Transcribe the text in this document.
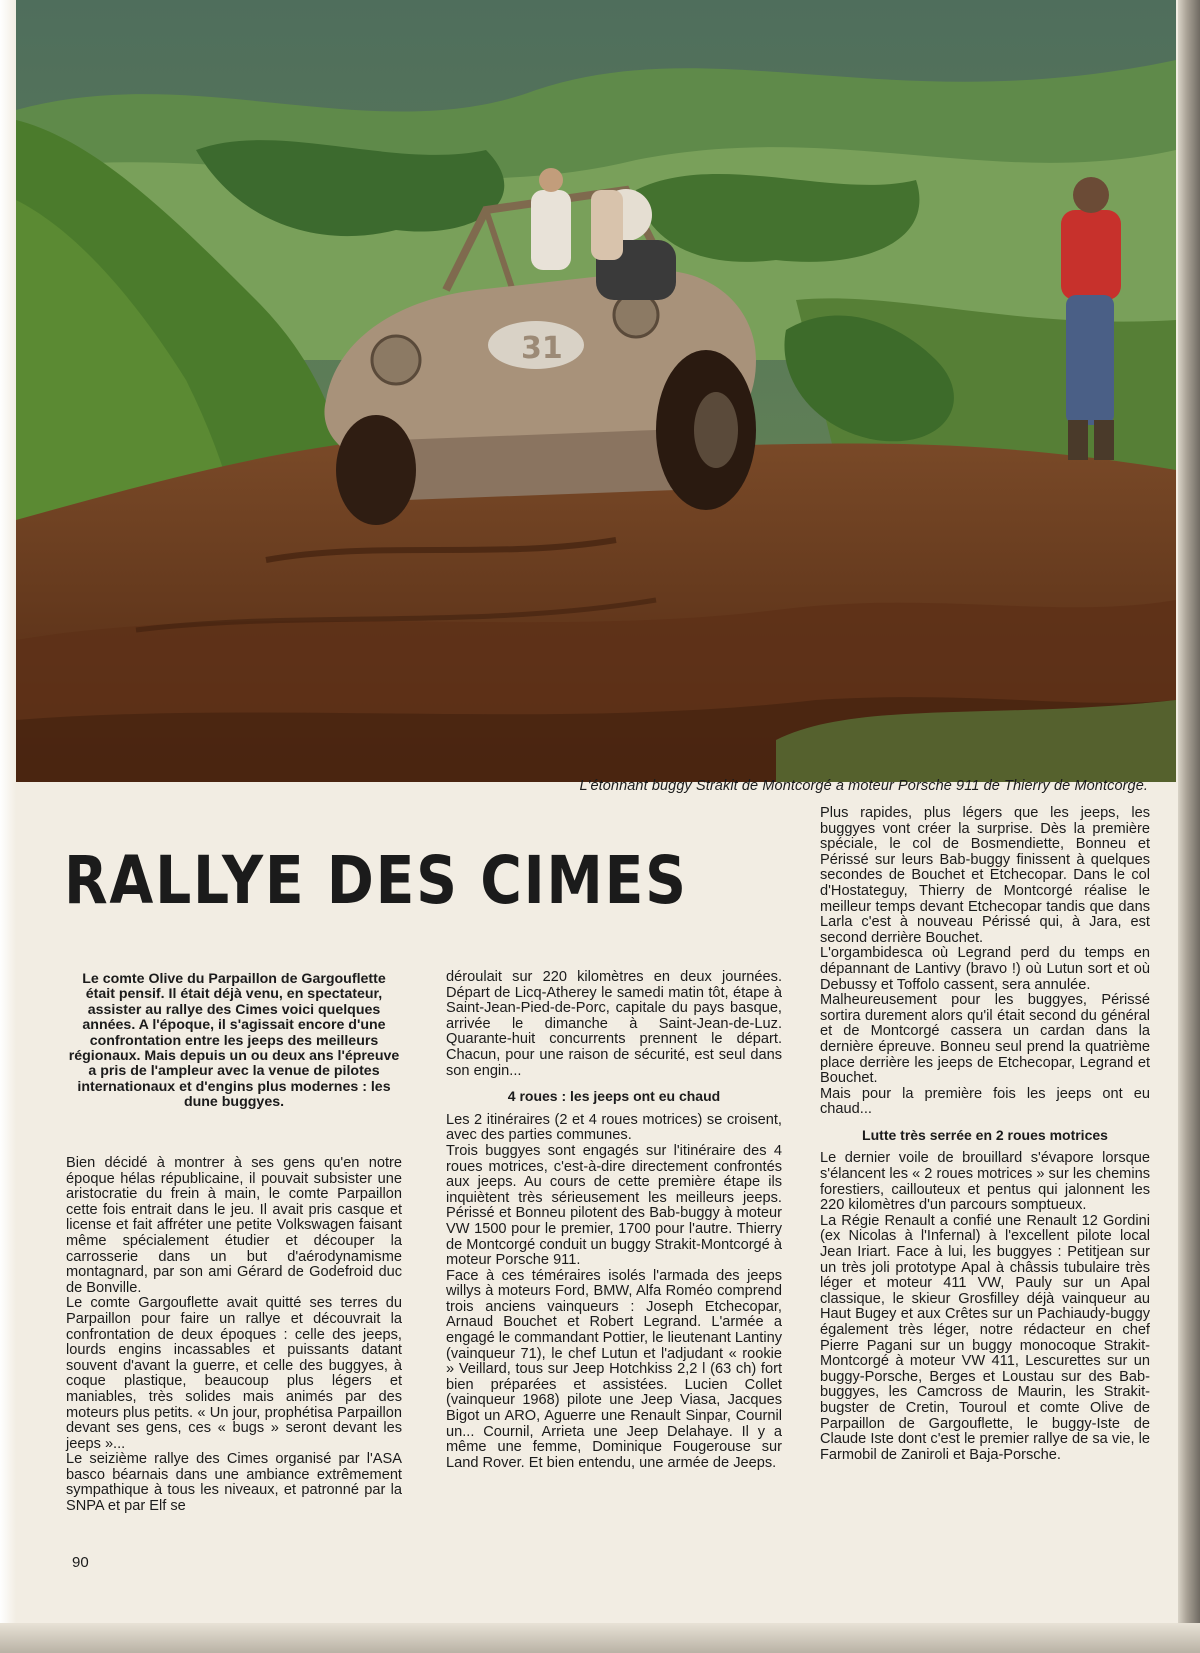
31
L'étonnant buggy Strakit de Montcorgé a moteur Porsche 911 de Thierry de Montcorge.
RALLYE DES CIMES
Le comte Olive du Parpaillon de Gargouflette était pensif. Il était déjà venu, en spectateur, assister au rallye des Cimes voici quelques années. A l'époque, il s'agissait encore d'une confrontation entre les jeeps des meilleurs régionaux. Mais depuis un ou deux ans l'épreuve a pris de l'ampleur avec la venue de pilotes internationaux et d'engins plus modernes : les dune buggyes.

Bien décidé à montrer à ses gens qu'en notre époque hélas républicaine, il pouvait subsister une aristocratie du frein à main, le comte Parpaillon cette fois entrait dans le jeu. Il avait pris casque et license et fait affréter une petite Volkswagen faisant même spécialement étudier et découper la carrosserie dans un but d'aérodynamisme montagnard, par son ami Gérard de Godefroid duc de Bonville.

Le comte Gargouflette avait quitté ses terres du Parpaillon pour faire un rallye et découvrait la confrontation de deux époques : celle des jeeps, lourds engins incassables et puissants datant souvent d'avant la guerre, et celle des buggyes, à coque plastique, beaucoup plus légers et maniables, très solides mais animés par des moteurs plus petits. « Un jour, prophétisa Parpaillon devant ses gens, ces « bugs » seront devant les jeeps »...

Le seizième rallye des Cimes organisé par l'ASA basco béarnais dans une ambiance extrêmement sympathique à tous les niveaux, et patronné par la SNPA et par Elf se

déroulait sur 220 kilomètres en deux journées. Départ de Licq-Atherey le samedi matin tôt, étape à Saint-Jean-Pied-de-Porc, capitale du pays basque, arrivée le dimanche à Saint-Jean-de-Luz. Quarante-huit concurrents prennent le départ. Chacun, pour une raison de sécurité, est seul dans son engin...

4 roues : les jeeps ont eu chaud

Les 2 itinéraires (2 et 4 roues motrices) se croisent, avec des parties communes.

Trois buggyes sont engagés sur l'itinéraire des 4 roues motrices, c'est-à-dire directement confrontés aux jeeps. Au cours de cette première étape ils inquiètent très sérieusement les meilleurs jeeps. Périssé et Bonneu pilotent des Bab-buggy à moteur VW 1500 pour le premier, 1700 pour l'autre. Thierry de Montcorgé conduit un buggy Strakit-Montcorgé à moteur Porsche 911.

Face à ces téméraires isolés l'armada des jeeps willys à moteurs Ford, BMW, Alfa Roméo comprend trois anciens vainqueurs : Joseph Etchecopar, Arnaud Bouchet et Robert Legrand. L'armée a engagé le commandant Pottier, le lieutenant Lantiny (vainqueur 71), le chef Lutun et l'adjudant « rookie » Veillard, tous sur Jeep Hotchkiss 2,2 l (63 ch) fort bien préparées et assistées. Lucien Collet (vainqueur 1968) pilote une Jeep Viasa, Jacques Bigot un ARO, Aguerre une Renault Sinpar, Cournil un... Cournil, Arrieta une Jeep Delahaye. Il y a même une femme, Dominique Fougerouse sur Land Rover. Et bien entendu, une armée de Jeeps.

Plus rapides, plus légers que les jeeps, les buggyes vont créer la surprise. Dès la première spéciale, le col de Bosmendiette, Bonneu et Périssé sur leurs Bab-buggy finissent à quelques secondes de Bouchet et Etchecopar. Dans le col d'Hostateguy, Thierry de Montcorgé réalise le meilleur temps devant Etchecopar tandis que dans Larla c'est à nouveau Périssé qui, à Jara, est second derrière Bouchet.

L'orgambidesca où Legrand perd du temps en dépannant de Lantivy (bravo !) où Lutun sort et où Debussy et Toffolo cassent, sera annulée.

Malheureusement pour les buggyes, Périssé sortira durement alors qu'il était second du général et de Montcorgé cassera un cardan dans la dernière épreuve. Bonneu seul prend la quatrième place derrière les jeeps de Etchecopar, Legrand et Bouchet.

Mais pour la première fois les jeeps ont eu chaud...

Lutte très serrée en 2 roues motrices

Le dernier voile de brouillard s'évapore lorsque s'élancent les « 2 roues motrices » sur les chemins forestiers, caillouteux et pentus qui jalonnent les 220 kilomètres d'un parcours somptueux.

La Régie Renault a confié une Renault 12 Gordini (ex Nicolas à l'Infernal) à l'excellent pilote local Jean Iriart. Face à lui, les buggyes : Petitjean sur un très joli prototype Apal à châssis tubulaire très léger et moteur 411 VW, Pauly sur un Apal classique, le skieur Grosfilley déjà vainqueur au Haut Bugey et aux Crêtes sur un Pachiaudy-buggy également très léger, notre rédacteur en chef Pierre Pagani sur un buggy monocoque Strakit-Montcorgé à moteur VW 411, Lescurettes sur un buggy-Porsche, Berges et Loustau sur des Bab-buggyes, les Camcross de Maurin, les Strakit-bugster de Cretin, Touroul et comte Olive de Parpaillon de Gargouflette, le buggy-Iste de Claude Iste dont c'est le premier rallye de sa vie, le Farmobil de Zaniroli et Baja-Porsche.

90
